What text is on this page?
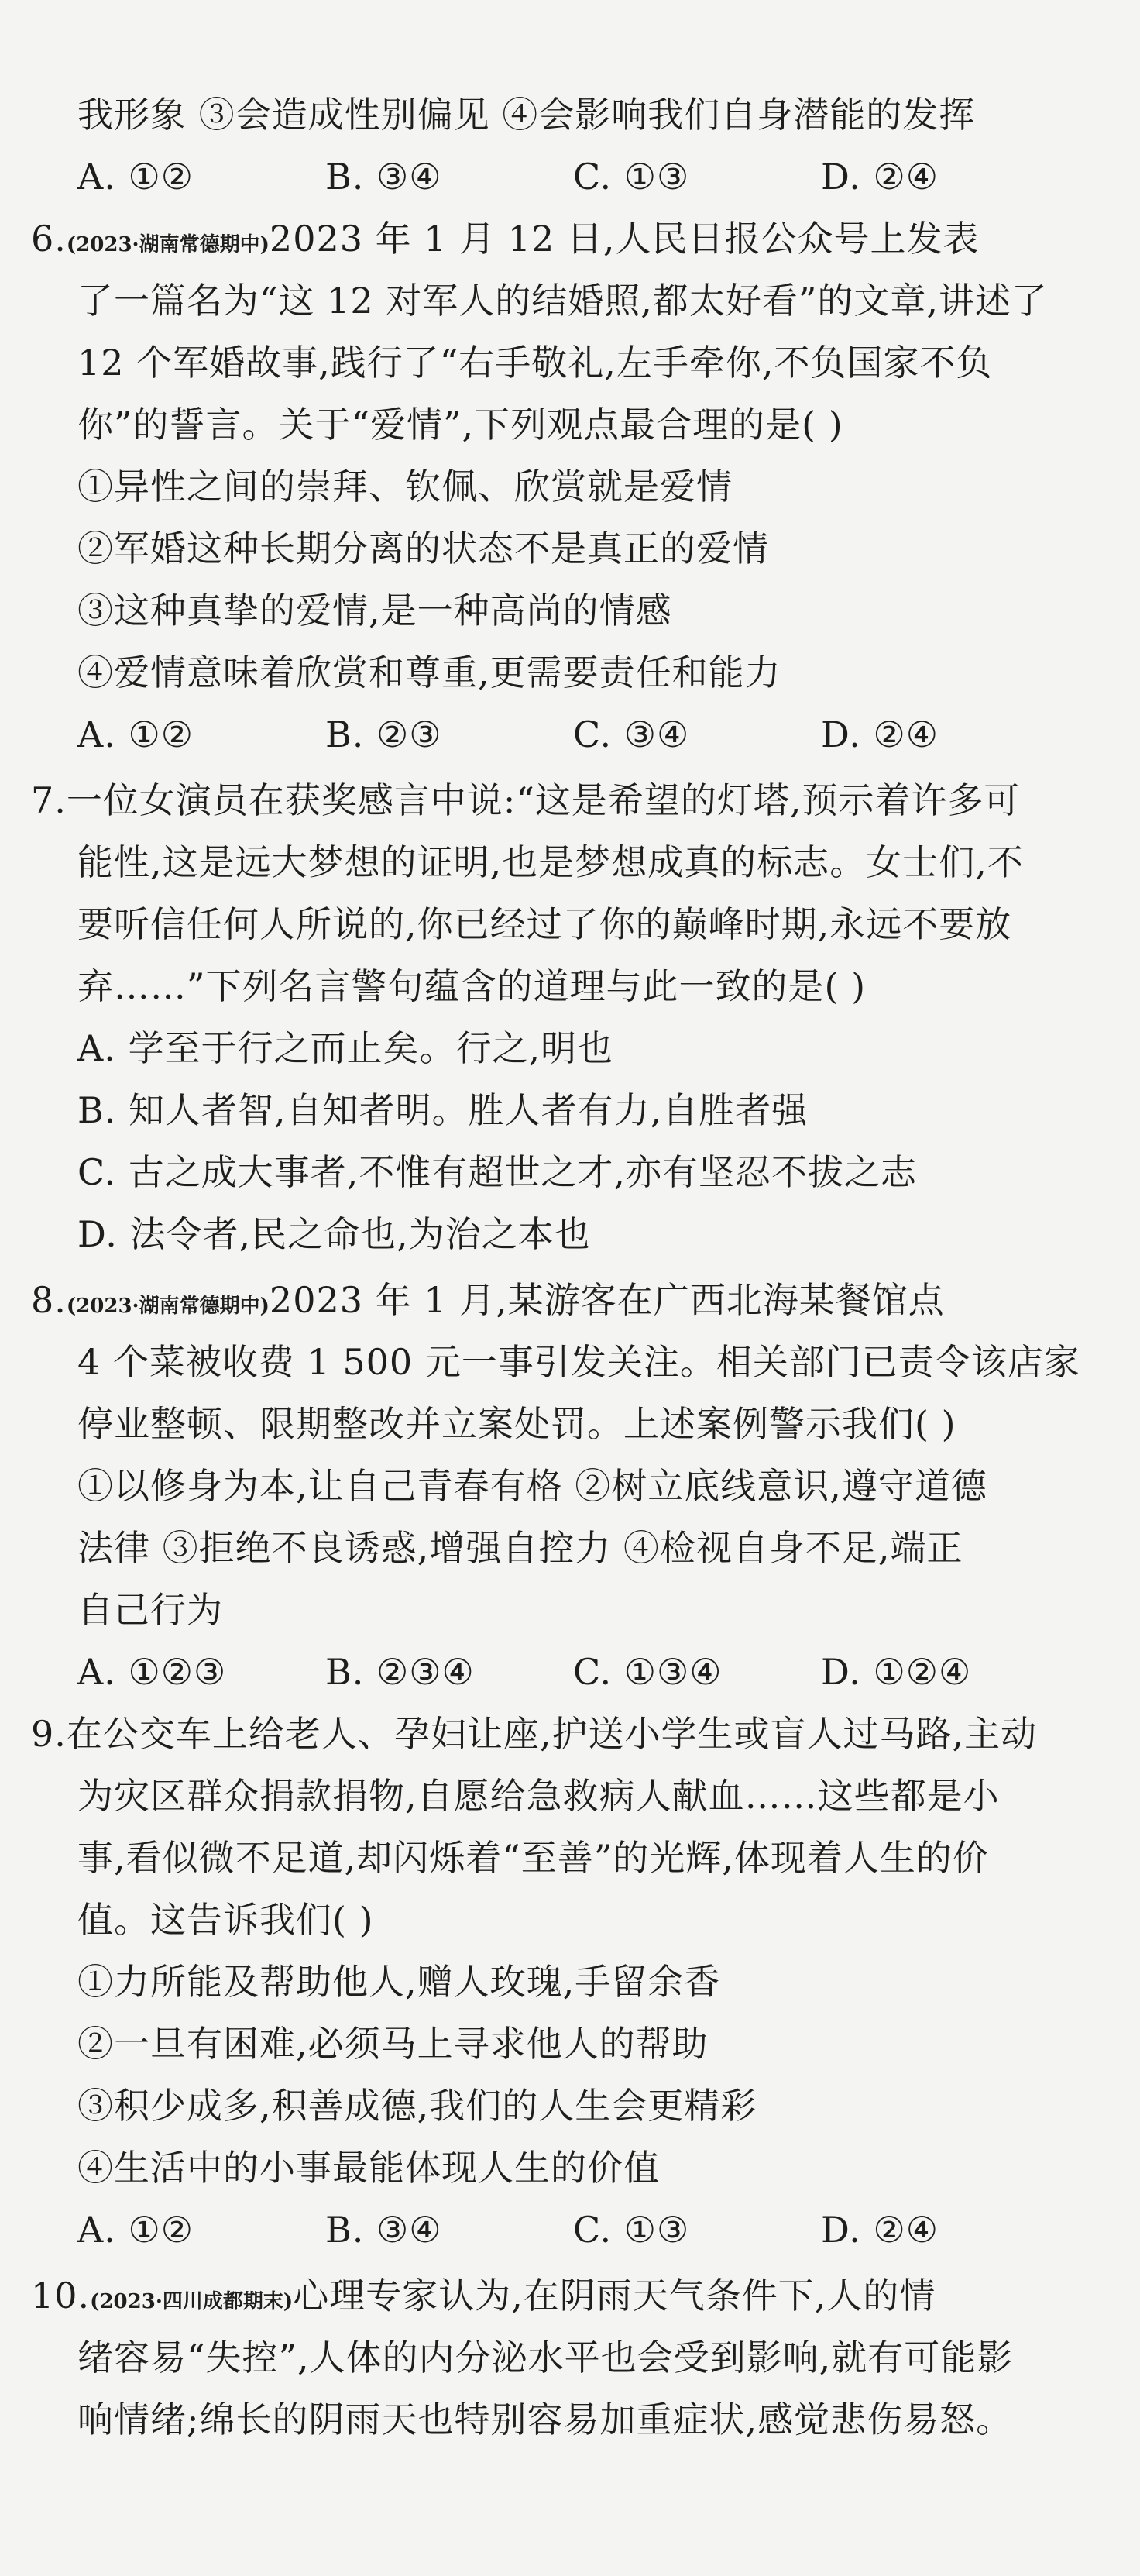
我形象 ③会造成性别偏见 ④会影响我们自身潜能的发挥
A. ①②	B. ③④	C. ①③	D. ②④
6.(2023·湖南常德期中)2023 年 1 月 12 日,人民日报公众号上发表
了一篇名为“这 12 对军人的结婚照,都太好看”的文章,讲述了
12 个军婚故事,践行了“右手敬礼,左手牵你,不负国家不负
你”的誓言。关于“爱情”,下列观点最合理的是( )
①异性之间的崇拜、钦佩、欣赏就是爱情
②军婚这种长期分离的状态不是真正的爱情
③这种真挚的爱情,是一种高尚的情感
④爱情意味着欣赏和尊重,更需要责任和能力
A. ①②	B. ②③	C. ③④	D. ②④
7.一位女演员在获奖感言中说:“这是希望的灯塔,预示着许多可
能性,这是远大梦想的证明,也是梦想成真的标志。女士们,不
要听信任何人所说的,你已经过了你的巅峰时期,永远不要放
弃……”下列名言警句蕴含的道理与此一致的是( )
A. 学至于行之而止矣。行之,明也
B. 知人者智,自知者明。胜人者有力,自胜者强
C. 古之成大事者,不惟有超世之才,亦有坚忍不拔之志
D. 法令者,民之命也,为治之本也
8.(2023·湖南常德期中)2023 年 1 月,某游客在广西北海某餐馆点
4 个菜被收费 1 500 元一事引发关注。相关部门已责令该店家
停业整顿、限期整改并立案处罚。上述案例警示我们( )
①以修身为本,让自己青春有格 ②树立底线意识,遵守道德
法律 ③拒绝不良诱惑,增强自控力 ④检视自身不足,端正
自己行为
A. ①②③	B. ②③④	C. ①③④	D. ①②④
9.在公交车上给老人、孕妇让座,护送小学生或盲人过马路,主动
为灾区群众捐款捐物,自愿给急救病人献血……这些都是小
事,看似微不足道,却闪烁着“至善”的光辉,体现着人生的价
值。这告诉我们( )
①力所能及帮助他人,赠人玫瑰,手留余香
②一旦有困难,必须马上寻求他人的帮助
③积少成多,积善成德,我们的人生会更精彩
④生活中的小事最能体现人生的价值
A. ①②	B. ③④	C. ①③	D. ②④
10.(2023·四川成都期末)心理专家认为,在阴雨天气条件下,人的情
绪容易“失控”,人体的内分泌水平也会受到影响,就有可能影
响情绪;绵长的阴雨天也特别容易加重症状,感觉悲伤易怒。
